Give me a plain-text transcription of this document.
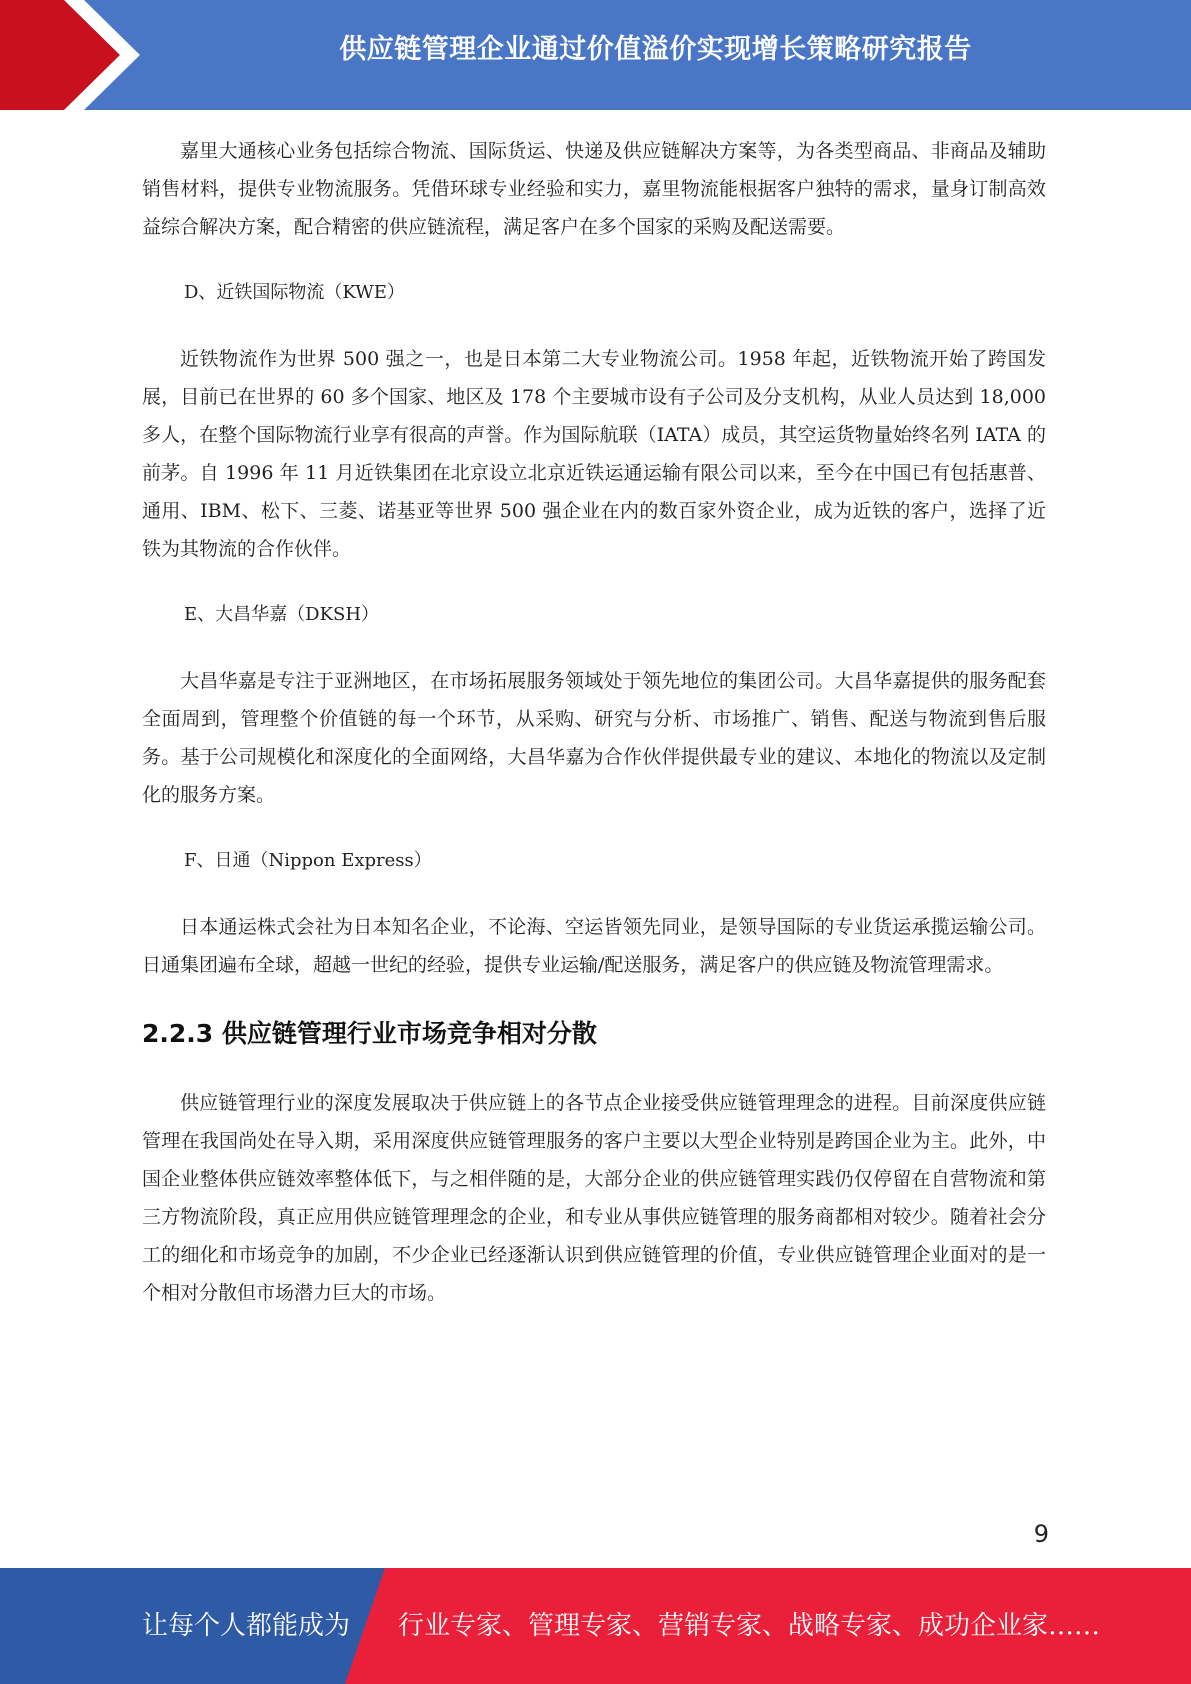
供应链管理企业通过价值溢价实现增长策略研究报告

嘉里大通核心业务包括综合物流、国际货运、快递及供应链解决方案等，为各类型商品、非商品及辅助销售材料，提供专业物流服务。凭借环球专业经验和实力，嘉里物流能根据客户独特的需求，量身订制高效益综合解决方案，配合精密的供应链流程，满足客户在多个国家的采购及配送需要。

D、近铁国际物流（KWE）

近铁物流作为世界 500 强之一，也是日本第二大专业物流公司。1958 年起，近铁物流开始了跨国发展，目前已在世界的 60 多个国家、地区及 178 个主要城市设有子公司及分支机构，从业人员达到 18,000 多人，在整个国际物流行业享有很高的声誉。作为国际航联（IATA）成员，其空运货物量始终名列 IATA 的前茅。自 1996 年 11 月近铁集团在北京设立北京近铁运通运输有限公司以来，至今在中国已有包括惠普、通用、IBM、松下、三菱、诺基亚等世界 500 强企业在内的数百家外资企业，成为近铁的客户，选择了近铁为其物流的合作伙伴。

E、大昌华嘉（DKSH）

大昌华嘉是专注于亚洲地区，在市场拓展服务领域处于领先地位的集团公司。大昌华嘉提供的服务配套全面周到，管理整个价值链的每一个环节，从采购、研究与分析、市场推广、销售、配送与物流到售后服务。基于公司规模化和深度化的全面网络，大昌华嘉为合作伙伴提供最专业的建议、本地化的物流以及定制化的服务方案。

F、日通（Nippon Express）

日本通运株式会社为日本知名企业，不论海、空运皆领先同业，是领导国际的专业货运承揽运输公司。日通集团遍布全球，超越一世纪的经验，提供专业运输/配送服务，满足客户的供应链及物流管理需求。

2.2.3 供应链管理行业市场竞争相对分散

供应链管理行业的深度发展取决于供应链上的各节点企业接受供应链管理理念的进程。目前深度供应链管理在我国尚处在导入期，采用深度供应链管理服务的客户主要以大型企业特别是跨国企业为主。此外，中国企业整体供应链效率整体低下，与之相伴随的是，大部分企业的供应链管理实践仍仅停留在自营物流和第三方物流阶段，真正应用供应链管理理念的企业，和专业从事供应链管理的服务商都相对较少。随着社会分工的细化和市场竞争的加剧，不少企业已经逐渐认识到供应链管理的价值，专业供应链管理企业面对的是一个相对分散但市场潜力巨大的市场。

9
让每个人都能成为 行业专家、管理专家、营销专家、战略专家、成功企业家……
